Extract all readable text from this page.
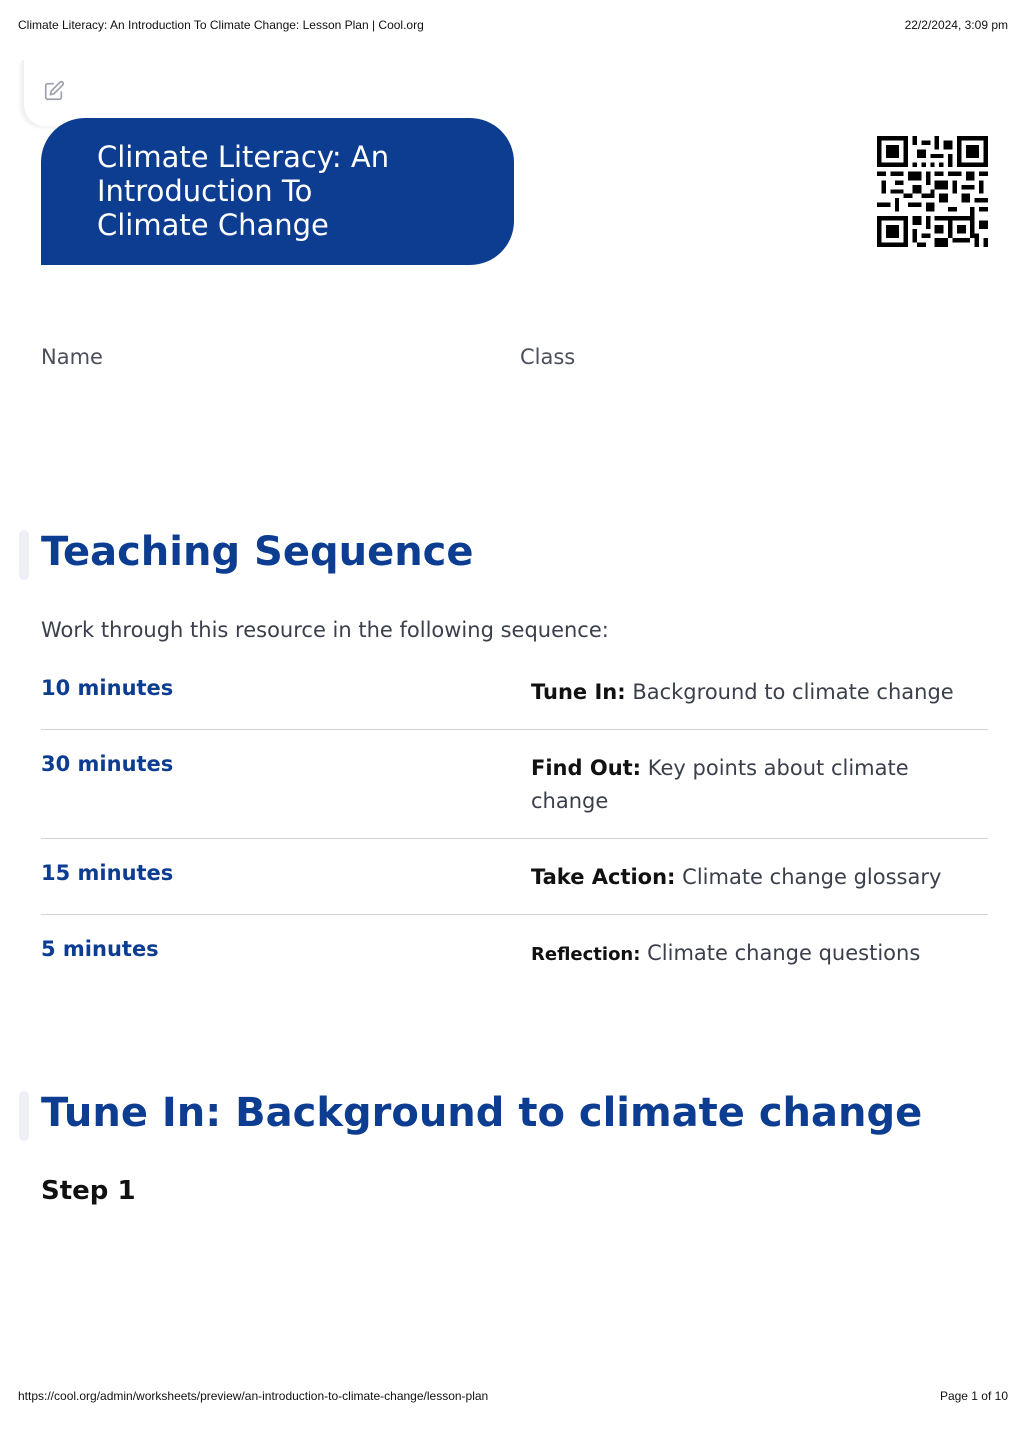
Climate Literacy: An Introduction To Climate Change: Lesson Plan | Cool.org	22/2/2024, 3:09 pm
Climate Literacy: An
Introduction To
Climate Change
Name	Class
Teaching Sequence

Work through this resource in the following sequence:

10 minutes	Tune In: Background to climate change
30 minutes	Find Out: Key points about climate change
15 minutes	Take Action: Climate change glossary
5 minutes	Reflection: Climate change questions
Tune In: Background to climate change
Step 1
https://cool.org/admin/worksheets/preview/an-introduction-to-climate-change/lesson-plan	Page 1 of 10
